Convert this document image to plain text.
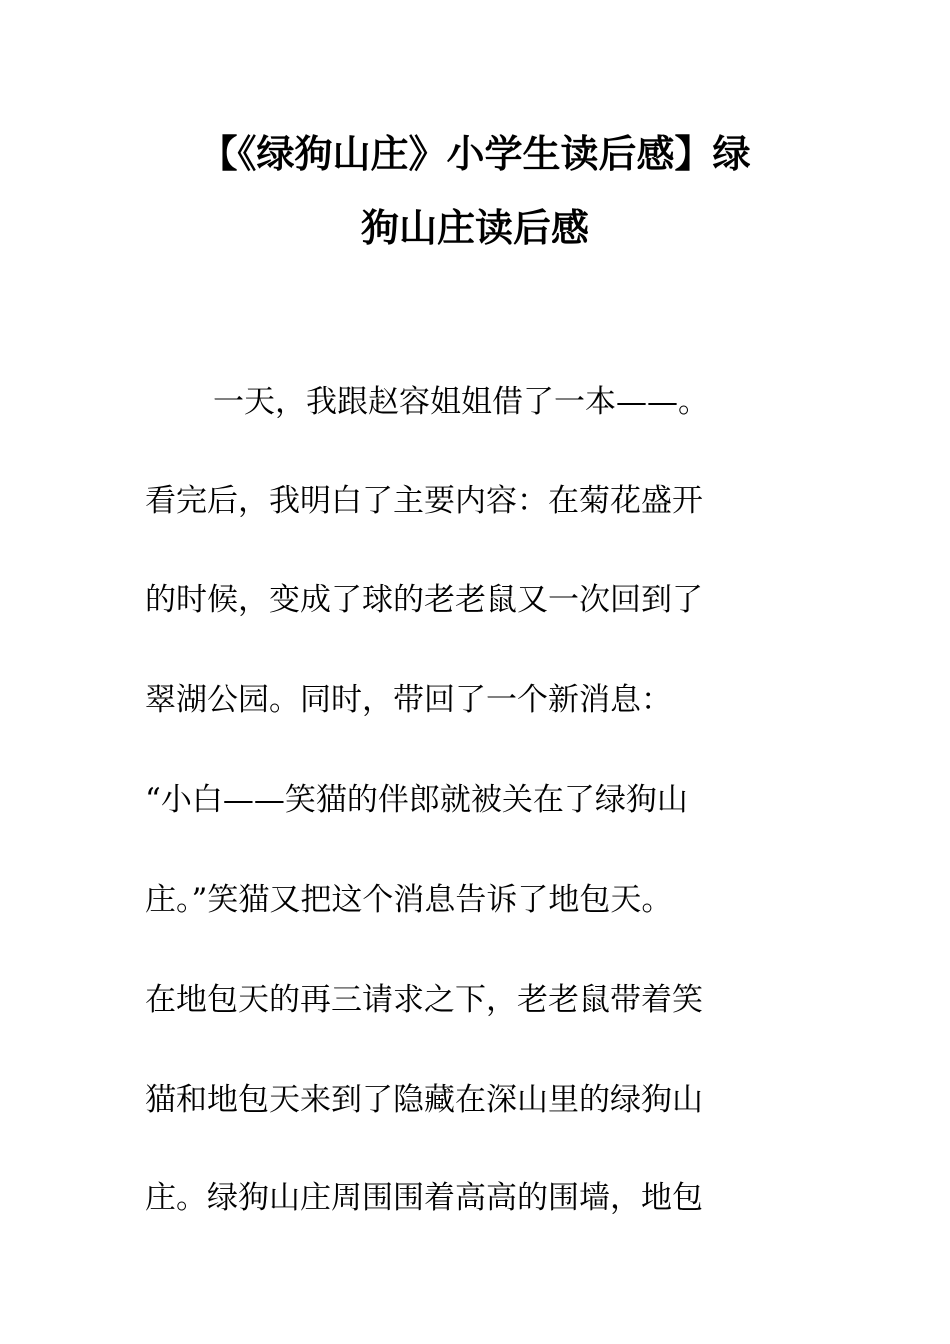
【《绿狗山庄》小学生读后感】绿
狗山庄读后感
一天，我跟赵容姐姐借了一本——。
看完后，我明白了主要内容：在菊花盛开
的时候，变成了球的老老鼠又一次回到了
翠湖公园。同时，带回了一个新消息：
“小白——笑猫的伴郎就被关在了绿狗山
庄。”笑猫又把这个消息告诉了地包天。
在地包天的再三请求之下，老老鼠带着笑
猫和地包天来到了隐藏在深山里的绿狗山
庄。绿狗山庄周围围着高高的围墙，地包
